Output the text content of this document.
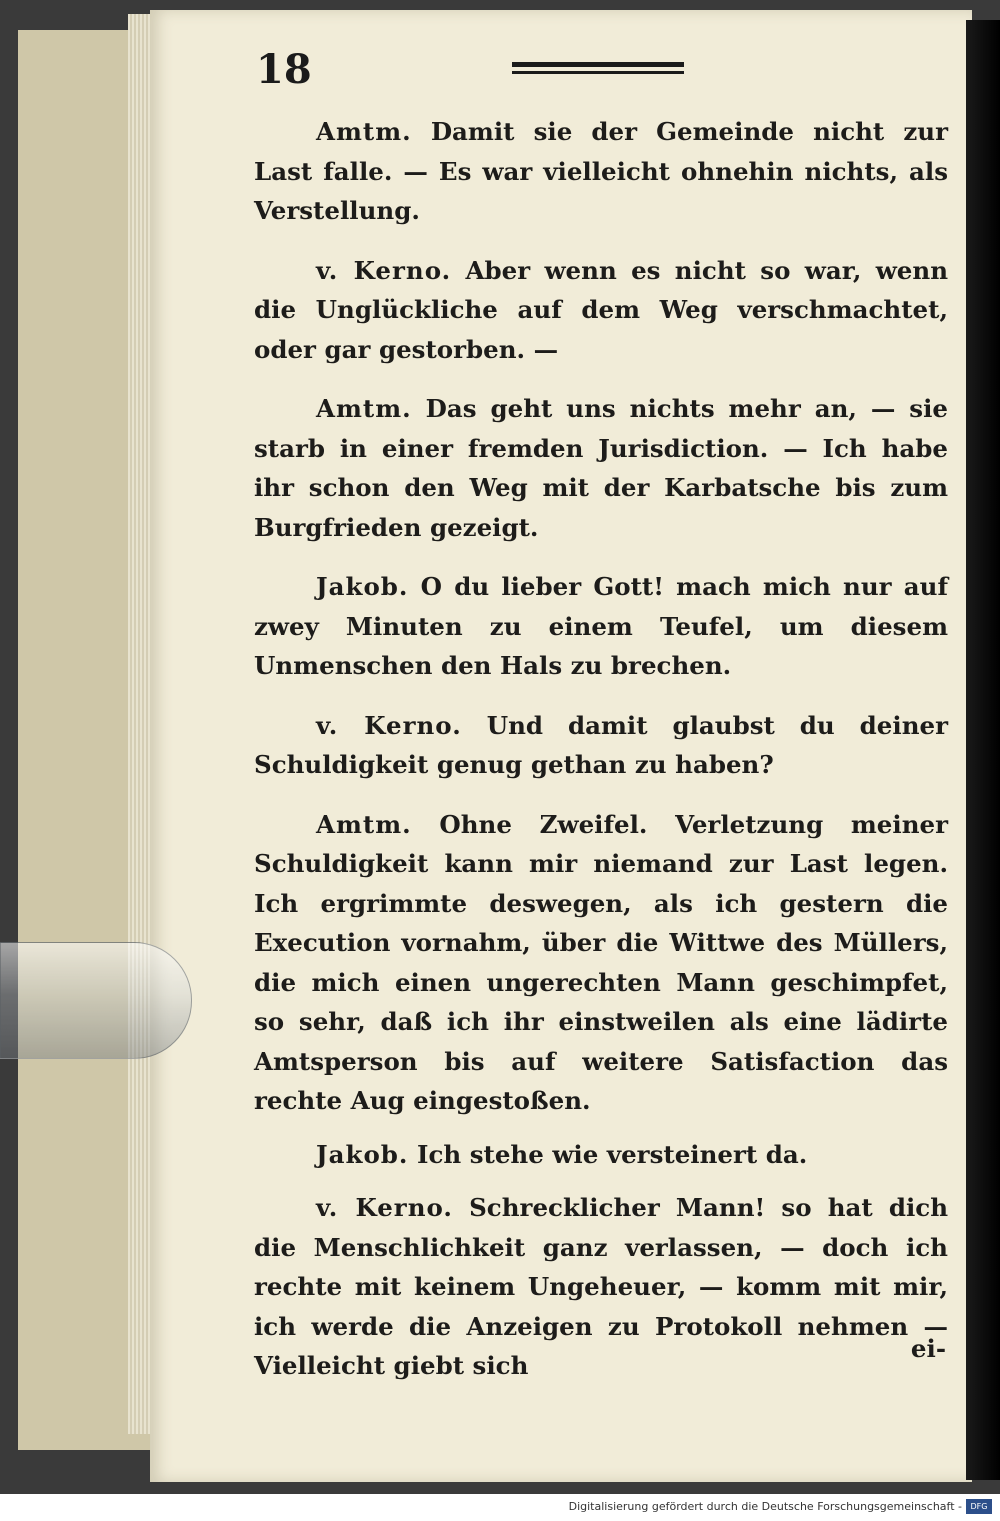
18

Amtm. Damit sie der Gemeinde nicht zur Last falle. — Es war vielleicht ohnehin nichts, als Verstellung.

v. Kerno. Aber wenn es nicht so war, wenn die Unglückliche auf dem Weg verschmachtet, oder gar gestorben. —

Amtm. Das geht uns nichts mehr an, — sie starb in einer fremden Jurisdiction. — Ich habe ihr schon den Weg mit der Karbatsche bis zum Burgfrieden gezeigt.

Jakob. O du lieber Gott! mach mich nur auf zwey Minuten zu einem Teufel, um diesem Unmenschen den Hals zu brechen.

v. Kerno. Und damit glaubst du deiner Schuldigkeit genug gethan zu haben?

Amtm. Ohne Zweifel. Verletzung meiner Schuldigkeit kann mir niemand zur Last legen. Ich ergrimmte deswegen, als ich gestern die Execution vornahm, über die Wittwe des Müllers, die mich einen ungerechten Mann geschimpfet, so sehr, daß ich ihr einstweilen als eine lädirte Amtsperson bis auf weitere Satisfaction das rechte Aug eingestoßen.

Jakob. Ich stehe wie versteinert da.

v. Kerno. Schrecklicher Mann! so hat dich die Menschlichkeit ganz verlassen, — doch ich rechte mit keinem Ungeheuer, — komm mit mir, ich werde die Anzeigen zu Protokoll nehmen — Vielleicht giebt sich

ei-
Digitalisierung gefördert durch die Deutsche Forschungsgemeinschaft -	DFG
